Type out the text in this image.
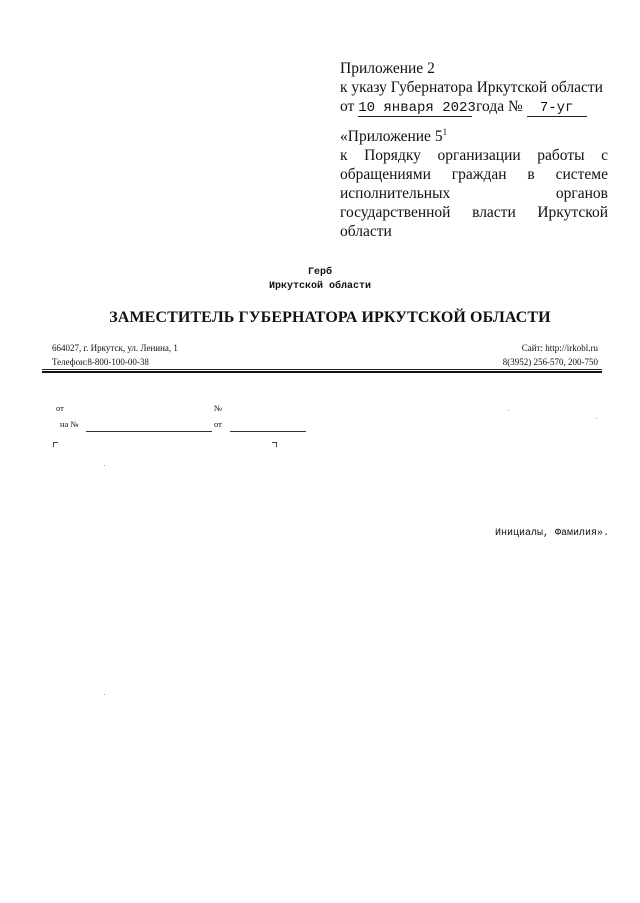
Приложение 2
к указу Губернатора Иркутской области
от 10 января 2023 года № 7-уг
«Приложение $5^1$
к Порядку организации работы с
обращениями граждан в системе
исполнительных органов
государственной власти Иркутской
области
Герб
Иркутской области
ЗАМЕСТИТЕЛЬ ГУБЕРНАТОРА ИРКУТСКОЙ ОБЛАСТИ
664027, г. Иркутск, ул. Ленина, 1
Телефон:8-800-100-00-38
Сайт: http://irkobl.ru
8(3952) 256-570, 200-750
от	№
на №	от
Инициалы, Фамилия».
